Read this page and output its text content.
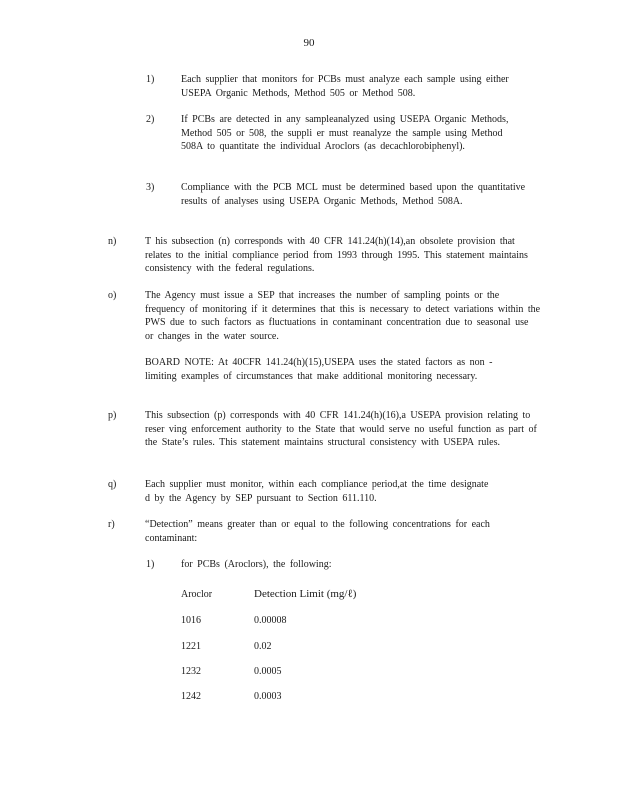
90
1)	Each supplier that monitors for PCBs must analyze each sample using either USEPA Organic Methods, Method 505 or Method 508.
2)	If PCBs are detected in any sampleanalyzed using USEPA Organic Methods, Method 505 or 508, the suppli er must reanalyze the sample using Method 508A to quantitate the individual Aroclors (as decachlorobiphenyl).
3)	Compliance with the PCB MCL must be determined based upon the quantitative results of analyses using USEPA Organic Methods, Method 508A.
n)	T his subsection (n) corresponds with 40 CFR 141.24(h)(14),an obsolete provision that relates to the initial compliance period from 1993 through 1995. This statement maintains consistency with the federal regulations.
o)	The Agency must issue a SEP that increases the number of sampling points or the frequency of monitoring if it determines that this is necessary to detect variations within the PWS due to such factors as fluctuations in contaminant concentration due to seasonal use or changes in the water source.
BOARD NOTE: At 40CFR 141.24(h)(15),USEPA uses the stated factors as non -limiting examples of circumstances that make additional monitoring necessary.
p)	This subsection (p) corresponds with 40 CFR 141.24(h)(16),a USEPA provision relating to reser ving enforcement authority to the State that would serve no useful function as part of the State’s rules. This statement maintains structural consistency with USEPA rules.
q)	Each supplier must monitor, within each compliance period,at the time designate d by the Agency by SEP pursuant to Section 611.110.
r)	“Detection” means greater than or equal to the following concentrations for each contaminant:
1)	for PCBs (Aroclors), the following:
Aroclor	Detection Limit (mg/ℓ)
1016	0.00008
1221	0.02
1232	0.0005
1242	0.0003
